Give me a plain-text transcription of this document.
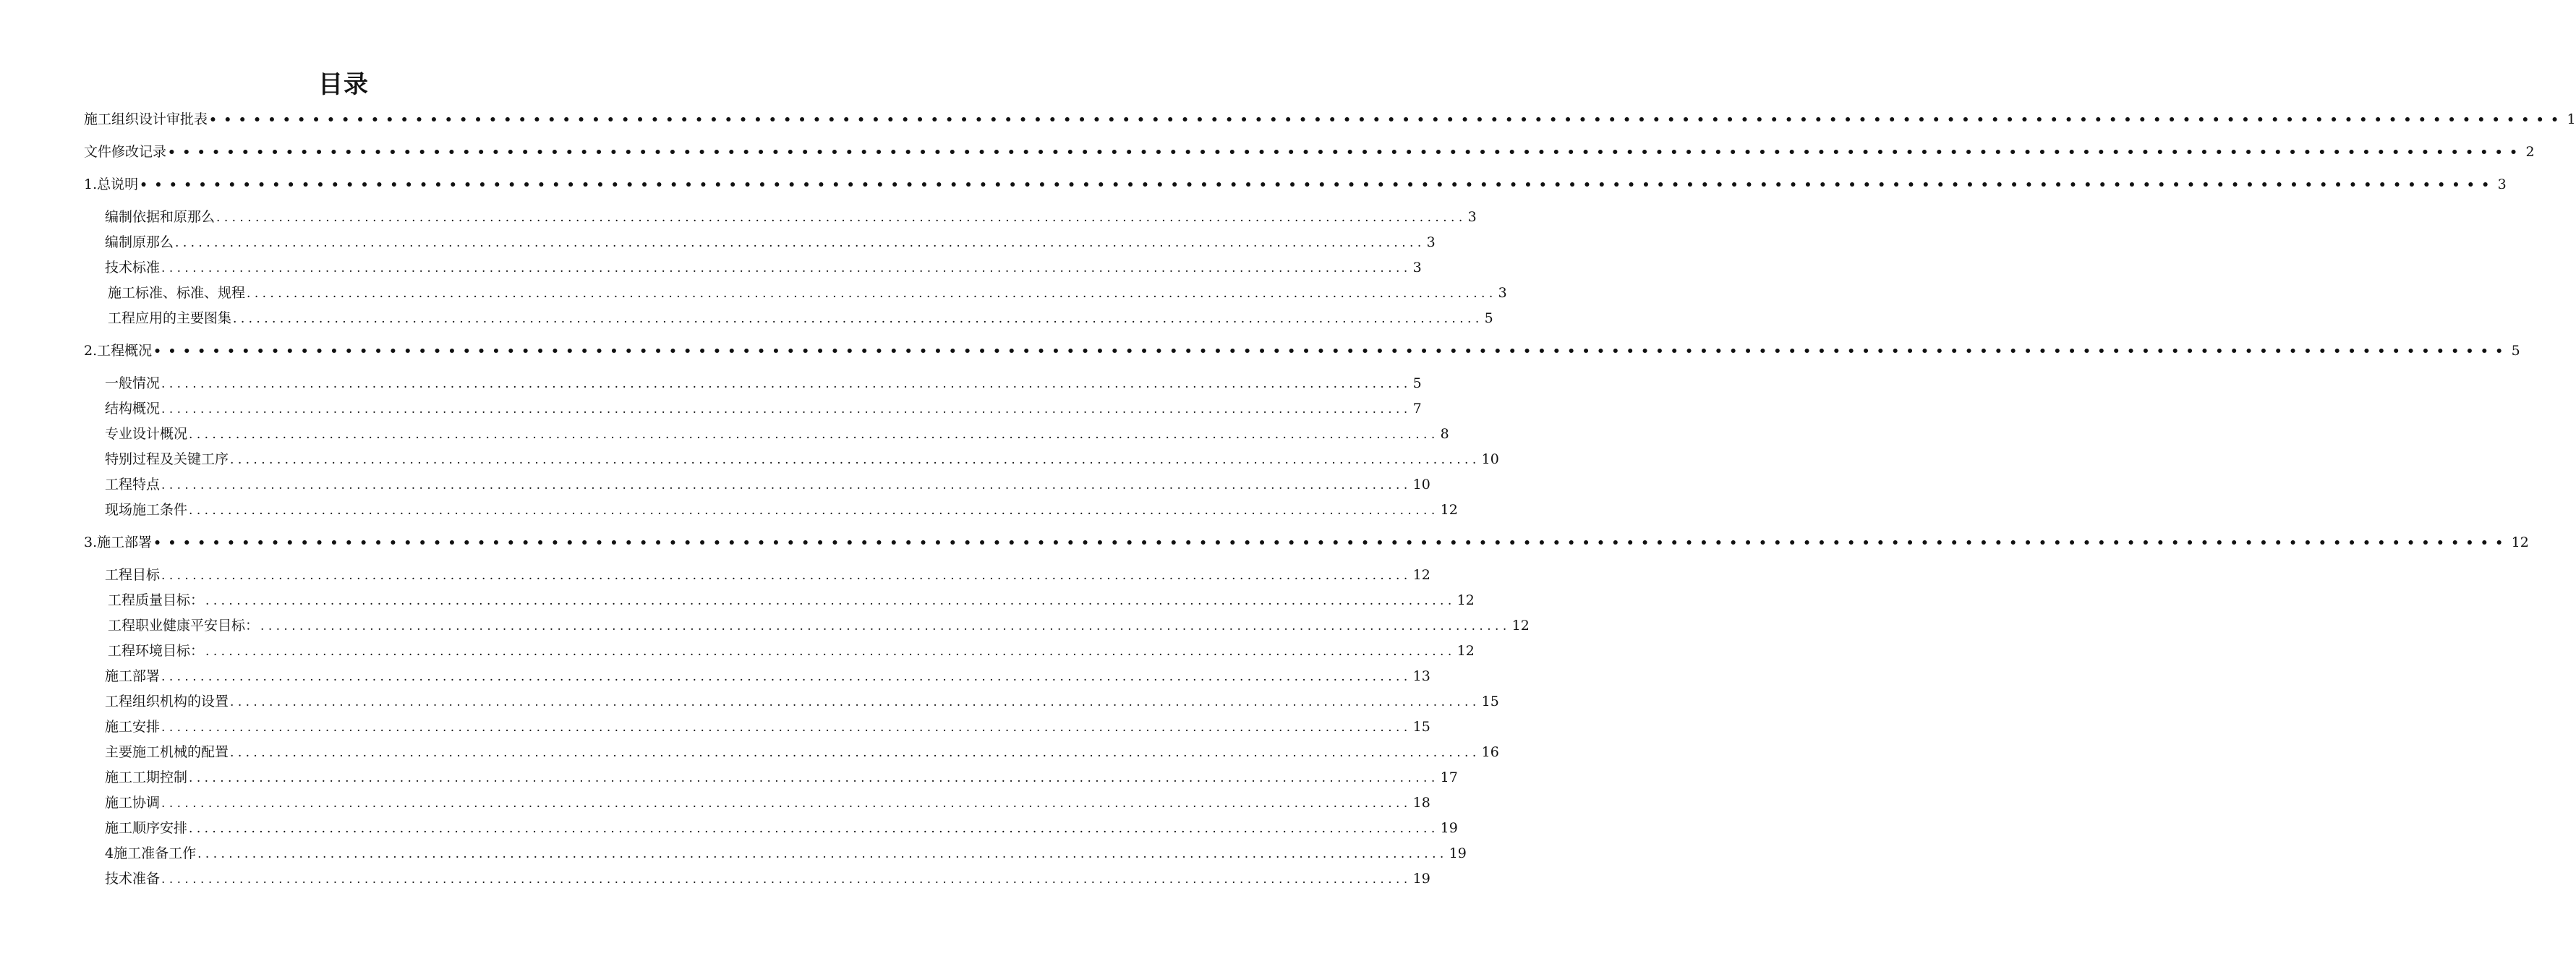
目录
施工组织设计审批表 •••••••••••••••••••••••••••••••••••••••••••••••••••••••••••••••••••••••••••••••••••••••••••••••••••••••••••••••••••••••••••••••••••••••••••••••••••••••••••••••• 1
文件修改记录 •••••••••••••••••••••••••••••••••••••••••••••••••••••••••••••••••••••••••••••••••••••••••••••••••••••••••••••••••••••••••••••••••••••••••••••••••••••••••••••••• 2
1.总说明 •••••••••••••••••••••••••••••••••••••••••••••••••••••••••••••••••••••••••••••••••••••••••••••••••••••••••••••••••••••••••••••••••••••••••••••••••••••••••••••••• 3
编制依据和原那么 ................................................................................................................................................................ 3
编制原那么 ................................................................................................................................................................ 3
技术标准 ................................................................................................................................................................ 3
施工标准、标准、规程 ................................................................................................................................................................ 3
工程应用的主要图集 ................................................................................................................................................................ 5
2.工程概况 •••••••••••••••••••••••••••••••••••••••••••••••••••••••••••••••••••••••••••••••••••••••••••••••••••••••••••••••••••••••••••••••••••••••••••••••••••••••••••••••• 5
一般情况 ................................................................................................................................................................ 5
结构概况 ................................................................................................................................................................ 7
专业设计概况 ................................................................................................................................................................ 8
特别过程及关键工序 ................................................................................................................................................................ 10
工程特点 ................................................................................................................................................................ 10
现场施工条件 ................................................................................................................................................................ 12
3.施工部署 •••••••••••••••••••••••••••••••••••••••••••••••••••••••••••••••••••••••••••••••••••••••••••••••••••••••••••••••••••••••••••••••••••••••••••••••••••••••••••••••• 12
工程目标 ................................................................................................................................................................ 12
工程质量目标： ................................................................................................................................................................ 12
工程职业健康平安目标： ................................................................................................................................................................ 12
工程环境目标： ................................................................................................................................................................ 12
施工部署 ................................................................................................................................................................ 13
工程组织机构的设置 ................................................................................................................................................................ 15
施工安排 ................................................................................................................................................................ 15
主要施工机械的配置 ................................................................................................................................................................ 16
施工工期控制 ................................................................................................................................................................ 17
施工协调 ................................................................................................................................................................ 18
施工顺序安排 ................................................................................................................................................................ 19
4施工准备工作 ................................................................................................................................................................ 19
技术准备 ................................................................................................................................................................ 19
